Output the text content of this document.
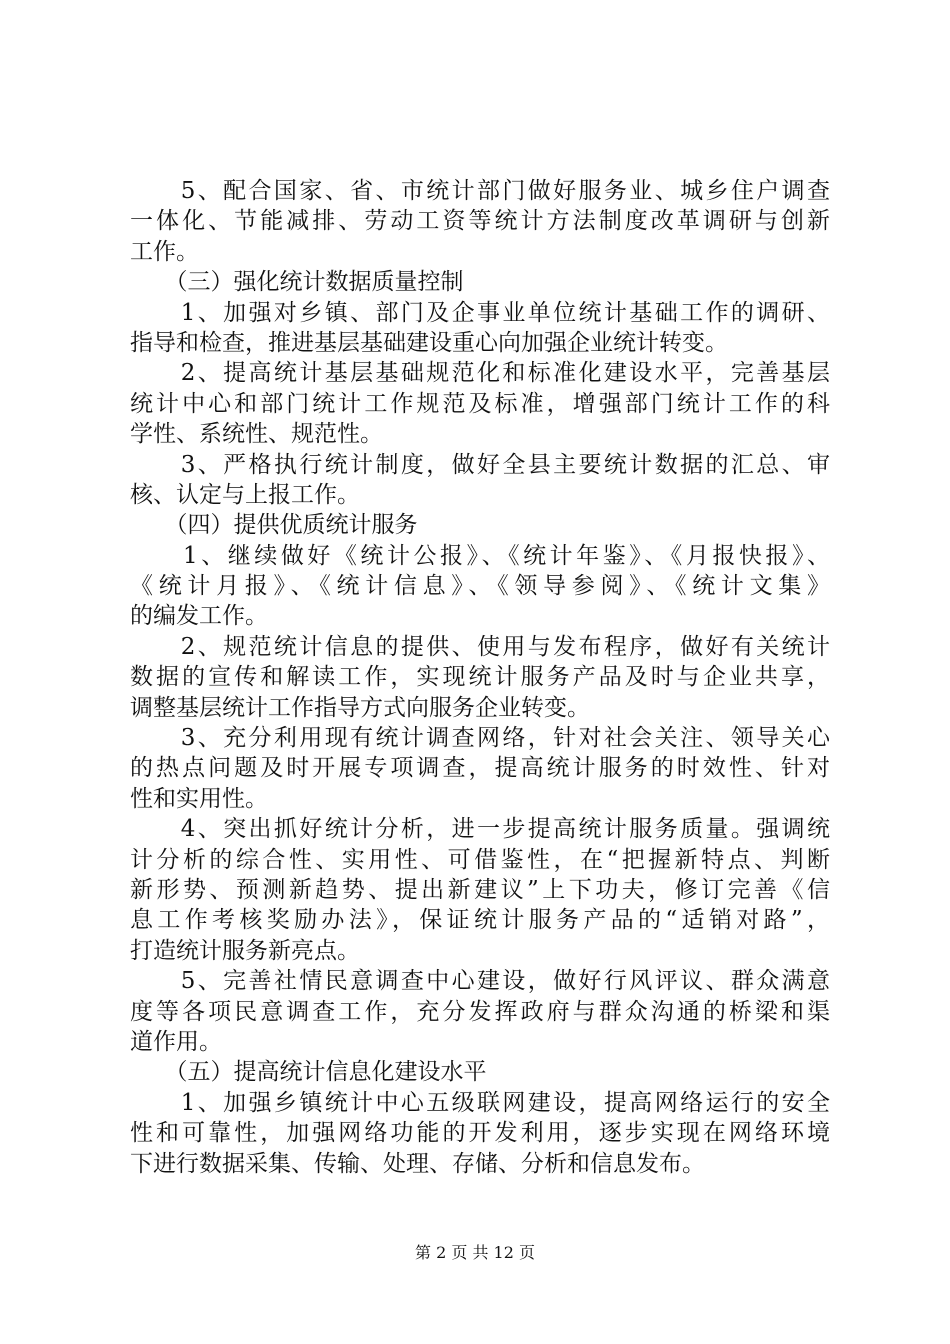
　　5、配合国家、省、市统计部门做好服务业、城乡住户调查
一体化、节能减排、劳动工资等统计方法制度改革调研与创新
工作。
　　（三）强化统计数据质量控制
　　1、加强对乡镇、部门及企事业单位统计基础工作的调研、
指导和检查，推进基层基础建设重心向加强企业统计转变。
　　2、提高统计基层基础规范化和标准化建设水平，完善基层
统计中心和部门统计工作规范及标准，增强部门统计工作的科
学性、系统性、规范性。
　　3、严格执行统计制度，做好全县主要统计数据的汇总、审
核、认定与上报工作。
　　（四）提供优质统计服务
　　1、继续做好《统计公报》、《统计年鉴》、《月报快报》、
《统计月报》、《统计信息》、《领导参阅》、《统计文集》
的编发工作。
　　2、规范统计信息的提供、使用与发布程序，做好有关统计
数据的宣传和解读工作，实现统计服务产品及时与企业共享，
调整基层统计工作指导方式向服务企业转变。
　　3、充分利用现有统计调查网络，针对社会关注、领导关心
的热点问题及时开展专项调查，提高统计服务的时效性、针对
性和实用性。
　　4、突出抓好统计分析，进一步提高统计服务质量。强调统
计分析的综合性、实用性、可借鉴性，在“把握新特点、判断
新形势、预测新趋势、提出新建议”上下功夫，修订完善《信
息工作考核奖励办法》，保证统计服务产品的“适销对路”，
打造统计服务新亮点。
　　5、完善社情民意调查中心建设，做好行风评议、群众满意
度等各项民意调查工作，充分发挥政府与群众沟通的桥梁和渠
道作用。
　　（五）提高统计信息化建设水平
　　1、加强乡镇统计中心五级联网建设，提高网络运行的安全
性和可靠性，加强网络功能的开发利用，逐步实现在网络环境
下进行数据采集、传输、处理、存储、分析和信息发布。
第 2 页 共 12 页
